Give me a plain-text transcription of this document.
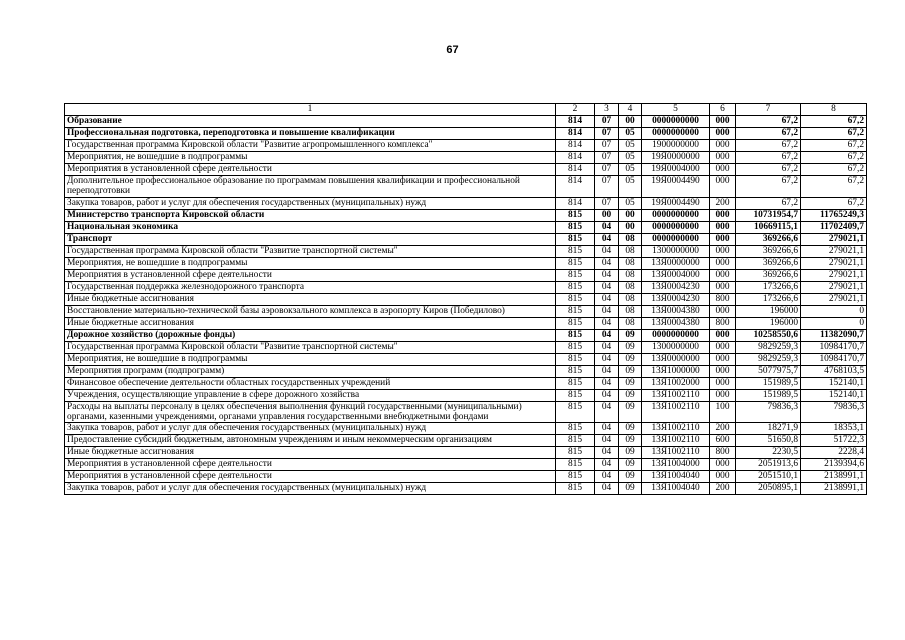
67
1	2	3	4	5	6	7	8
Образование	814	07	00	0000000000	000	67,2	67,2
Профессиональная подготовка, переподготовка и повышение квалификации	814	07	05	0000000000	000	67,2	67,2
Государственная программа Кировской области "Развитие агропромышленного комплекса"	814	07	05	1900000000	000	67,2	67,2
Мероприятия, не вошедшие в подпрограммы	814	07	05	19Я0000000	000	67,2	67,2
Мероприятия в установленной сфере деятельности	814	07	05	19Я0004000	000	67,2	67,2
Дополнительное профессиональное образование по программам повышения квалификации и профессиональной переподготовки	814	07	05	19Я0004490	000	67,2	67,2
Закупка товаров, работ и услуг для обеспечения государственных (муниципальных) нужд	814	07	05	19Я0004490	200	67,2	67,2
Министерство транспорта Кировской области	815	00	00	0000000000	000	10731954,7	11765249,3
Национальная экономика	815	04	00	0000000000	000	10669115,1	11702409,7
Транспорт	815	04	08	0000000000	000	369266,6	279021,1
Государственная программа Кировской области "Развитие транспортной системы"	815	04	08	1300000000	000	369266,6	279021,1
Мероприятия, не вошедшие в подпрограммы	815	04	08	13Я0000000	000	369266,6	279021,1
Мероприятия в установленной сфере деятельности	815	04	08	13Я0004000	000	369266,6	279021,1
Государственная поддержка железнодорожного транспорта	815	04	08	13Я0004230	000	173266,6	279021,1
Иные бюджетные ассигнования	815	04	08	13Я0004230	800	173266,6	279021,1
Восстановление материально-технической базы аэровокзального комплекса в аэропорту Киров (Победилово)	815	04	08	13Я0004380	000	196000	0
Иные бюджетные ассигнования	815	04	08	13Я0004380	800	196000	0
Дорожное хозяйство (дорожные фонды)	815	04	09	0000000000	000	10258550,6	11382090,7
Государственная программа Кировской области "Развитие транспортной системы"	815	04	09	1300000000	000	9829259,3	10984170,7
Мероприятия, не вошедшие в подпрограммы	815	04	09	13Я0000000	000	9829259,3	10984170,7
Мероприятия программ (подпрограмм)	815	04	09	13Я1000000	000	5077975,7	4768103,5
Финансовое обеспечение деятельности областных государственных учреждений	815	04	09	13Я1002000	000	151989,5	152140,1
Учреждения, осуществляющие управление в сфере дорожного хозяйства	815	04	09	13Я1002110	000	151989,5	152140,1
Расходы на выплаты персоналу в целях обеспечения выполнения функций государственными (муниципальными) органами, казенными учреждениями, органами управления государственными внебюджетными фондами	815	04	09	13Я1002110	100	79836,3	79836,3
Закупка товаров, работ и услуг для обеспечения государственных (муниципальных) нужд	815	04	09	13Я1002110	200	18271,9	18353,1
Предоставление субсидий бюджетным, автономным учреждениям и иным некоммерческим организациям	815	04	09	13Я1002110	600	51650,8	51722,3
Иные бюджетные ассигнования	815	04	09	13Я1002110	800	2230,5	2228,4
Мероприятия в установленной сфере деятельности	815	04	09	13Я1004000	000	2051913,6	2139394,6
Мероприятия в установленной сфере деятельности	815	04	09	13Я1004040	000	2051510,1	2138991,1
Закупка товаров, работ и услуг для обеспечения государственных (муниципальных) нужд	815	04	09	13Я1004040	200	2050895,1	2138991,1
